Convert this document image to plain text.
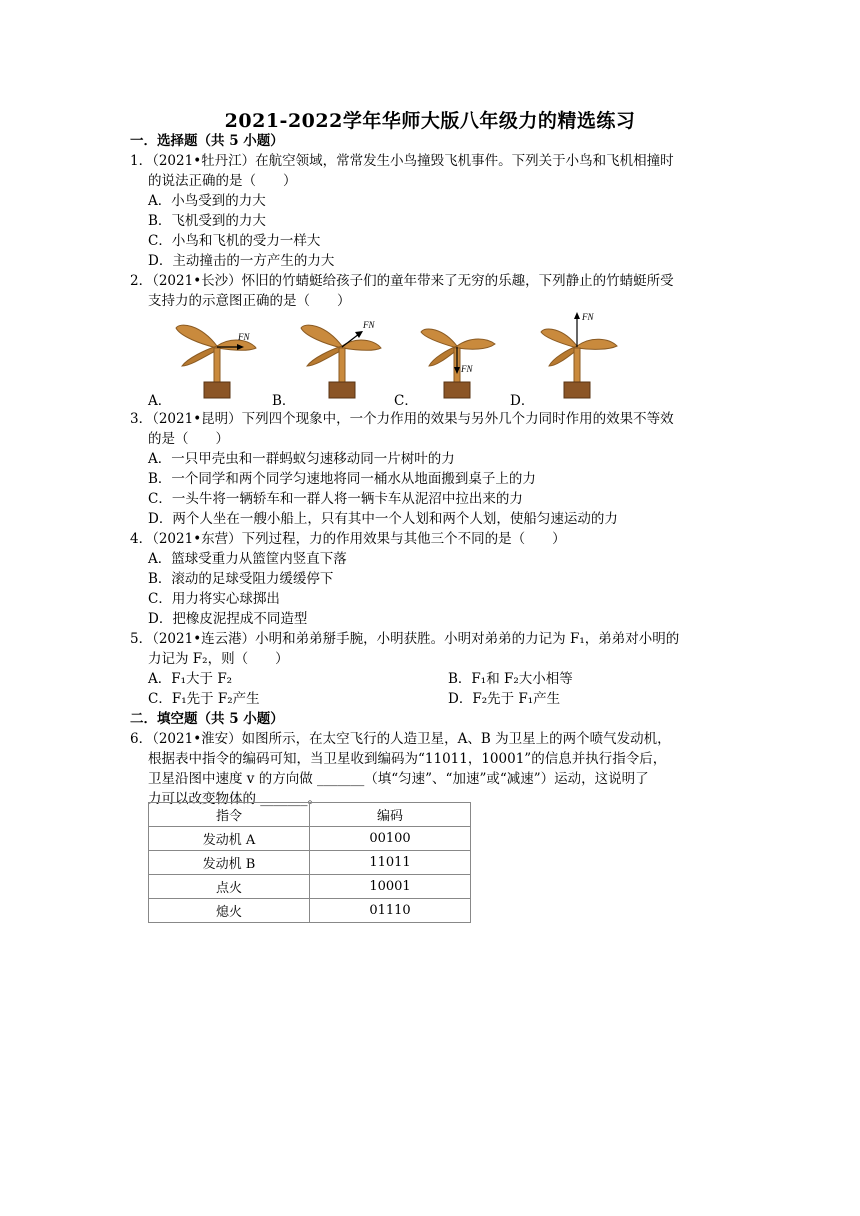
2021-2022学年华师大版八年级力的精选练习
一．选择题（共 5 小题）
1．（2021•牡丹江）在航空领域，常常发生小鸟撞毁飞机事件。下列关于小鸟和飞机相撞时
的说法正确的是（　　）
A．小鸟受到的力大
B．飞机受到的力大
C．小鸟和飞机的受力一样大
D．主动撞击的一方产生的力大
2．（2021•长沙）怀旧的竹蜻蜓给孩子们的童年带来了无穷的乐趣，下列静止的竹蜻蜓所受
支持力的示意图正确的是（　　）
FN
A．
FN
B．
FN
C．
FN
D．
3．（2021•昆明）下列四个现象中，一个力作用的效果与另外几个力同时作用的效果不等效
的是（　　）
A．一只甲壳虫和一群蚂蚁匀速移动同一片树叶的力
B．一个同学和两个同学匀速地将同一桶水从地面搬到桌子上的力
C．一头牛将一辆轿车和一群人将一辆卡车从泥沼中拉出来的力
D．两个人坐在一艘小船上，只有其中一个人划和两个人划，使船匀速运动的力
4．（2021•东营）下列过程，力的作用效果与其他三个不同的是（　　）
A．篮球受重力从篮筐内竖直下落
B．滚动的足球受阻力缓缓停下
C．用力将实心球掷出
D．把橡皮泥捏成不同造型
5．（2021•连云港）小明和弟弟掰手腕，小明获胜。小明对弟弟的力记为 F₁，弟弟对小明的
力记为 F₂，则（　　）
A．F₁大于 F₂	B．F₁和 F₂大小相等
C．F₁先于 F₂产生	D．F₂先于 F₁产生
二．填空题（共 5 小题）
6．（2021•淮安）如图所示，在太空飞行的人造卫星，A、B 为卫星上的两个喷气发动机，
根据表中指令的编码可知，当卫星收到编码为“11011，10001”的信息并执行指令后，
卫星沿图中速度 v 的方向做 _______（填“匀速”、“加速”或“减速”）运动，这说明了
力可以改变物体的 _______。
指令	编码
发动机 A	00100
发动机 B	11011
点火	10001
熄火	01110
